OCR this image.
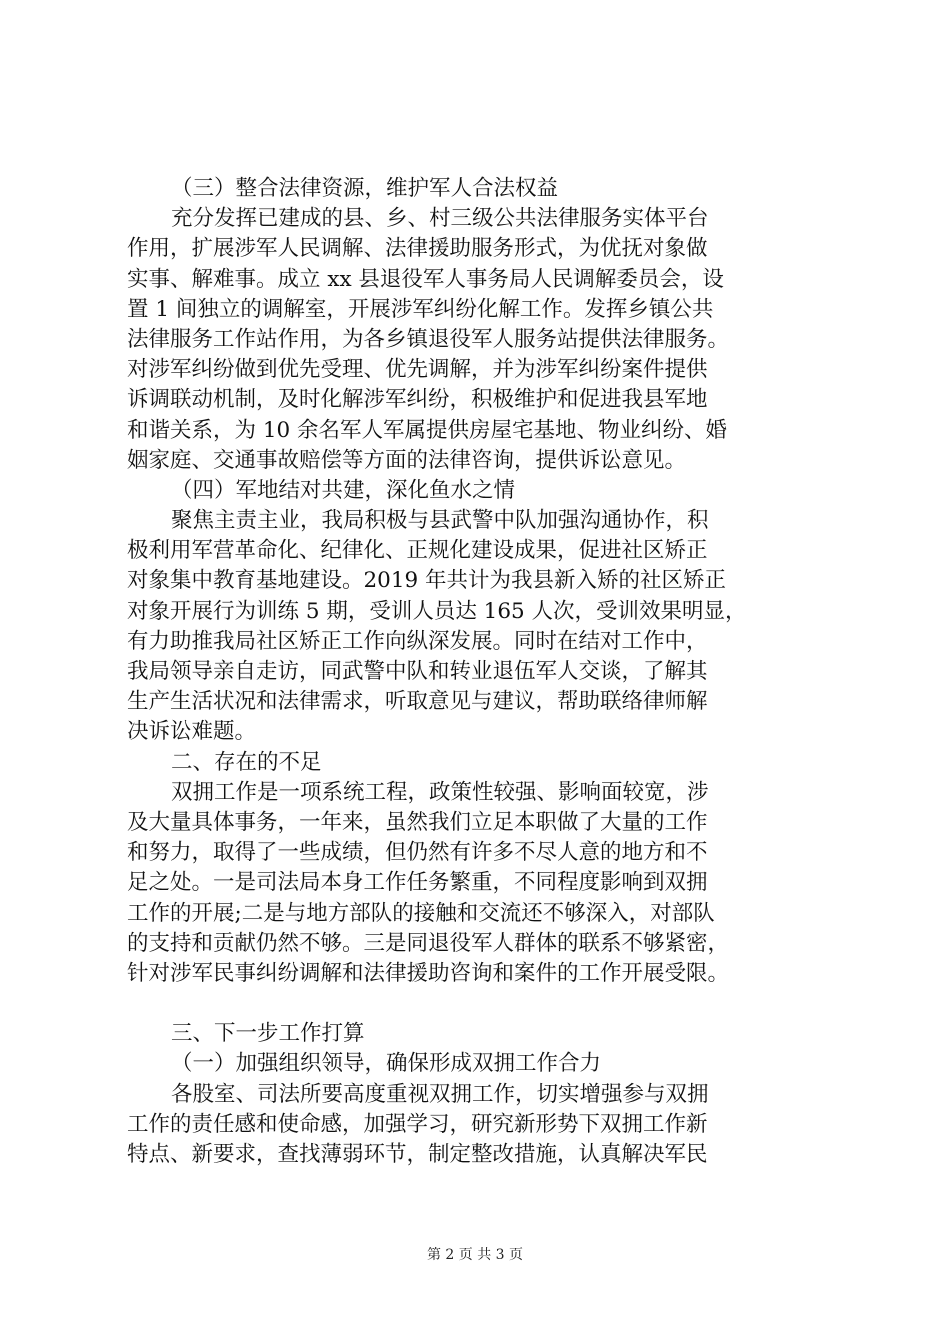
（三）整合法律资源，维护军人合法权益
充分发挥已建成的县、乡、村三级公共法律服务实体平台
作用，扩展涉军人民调解、法律援助服务形式，为优抚对象做
实事、解难事。成立 xx 县退役军人事务局人民调解委员会，设
置 1 间独立的调解室，开展涉军纠纷化解工作。发挥乡镇公共
法律服务工作站作用，为各乡镇退役军人服务站提供法律服务。
对涉军纠纷做到优先受理、优先调解，并为涉军纠纷案件提供
诉调联动机制，及时化解涉军纠纷，积极维护和促进我县军地
和谐关系，为 10 余名军人军属提供房屋宅基地、物业纠纷、婚
姻家庭、交通事故赔偿等方面的法律咨询，提供诉讼意见。
（四）军地结对共建，深化鱼水之情
聚焦主责主业，我局积极与县武警中队加强沟通协作，积
极利用军营革命化、纪律化、正规化建设成果，促进社区矫正
对象集中教育基地建设。2019 年共计为我县新入矫的社区矫正
对象开展行为训练 5 期，受训人员达 165 人次，受训效果明显，
有力助推我局社区矫正工作向纵深发展。同时在结对工作中，
我局领导亲自走访，同武警中队和转业退伍军人交谈，了解其
生产生活状况和法律需求，听取意见与建议，帮助联络律师解
决诉讼难题。
二、存在的不足
双拥工作是一项系统工程，政策性较强、影响面较宽，涉
及大量具体事务，一年来，虽然我们立足本职做了大量的工作
和努力，取得了一些成绩，但仍然有许多不尽人意的地方和不
足之处。一是司法局本身工作任务繁重，不同程度影响到双拥
工作的开展;二是与地方部队的接触和交流还不够深入，对部队
的支持和贡献仍然不够。三是同退役军人群体的联系不够紧密，
针对涉军民事纠纷调解和法律援助咨询和案件的工作开展受限。
三、下一步工作打算
（一）加强组织领导，确保形成双拥工作合力
各股室、司法所要高度重视双拥工作，切实增强参与双拥
工作的责任感和使命感，加强学习，研究新形势下双拥工作新
特点、新要求，查找薄弱环节，制定整改措施，认真解决军民
第 2 页 共 3 页
